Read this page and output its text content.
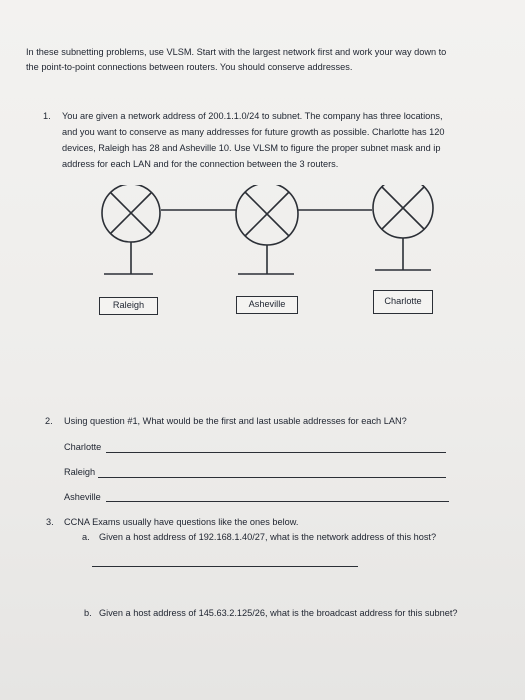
In these subnetting problems, use VLSM. Start with the largest network first and work your way down to
the point-to-point connections between routers. You should conserve addresses.
1. You are given a network address of 200.1.1.0/24 to subnet. The company has three locations,
and you want to conserve as many addresses for future growth as possible. Charlotte has 120
devices, Raleigh has 28 and Asheville 10. Use VLSM to figure the proper subnet mask and ip
address for each LAN and for the connection between the 3 routers.
Raleigh	Asheville	Charlotte
2. Using question #1, What would be the first and last usable addresses for each LAN?
Charlotte
Raleigh
Asheville
3. CCNA Exams usually have questions like the ones below.
a. Given a host address of 192.168.1.40/27, what is the network address of this host?
b. Given a host address of 145.63.2.125/26, what is the broadcast address for this subnet?
